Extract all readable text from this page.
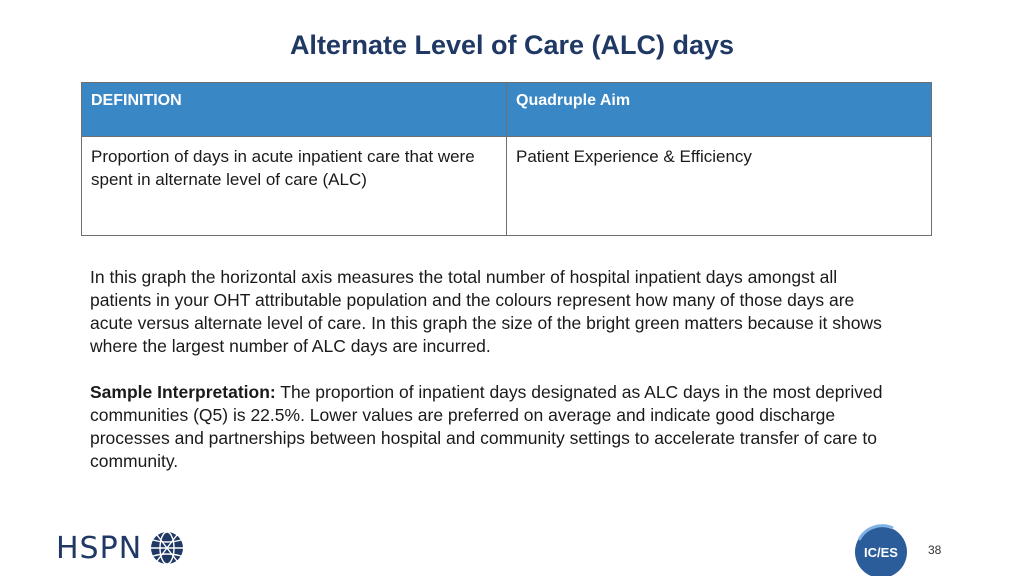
Alternate Level of Care (ALC) days
DEFINITION	Quadruple Aim
Proportion of days in acute inpatient care that were spent in alternate level of care (ALC)	Patient Experience & Efficiency

In this graph the horizontal axis measures the total number of hospital inpatient days amongst all patients in your OHT attributable population and the colours represent how many of those days are acute versus alternate level of care. In this graph the size of the bright green matters because it shows where the largest number of ALC days are incurred.

Sample Interpretation: The proportion of inpatient days designated as ALC days in the most deprived communities (Q5) is 22.5%. Lower values are preferred on average and indicate good discharge processes and partnerships between hospital and community settings to accelerate transfer of care to community.

HSPN	IC/ES	38
